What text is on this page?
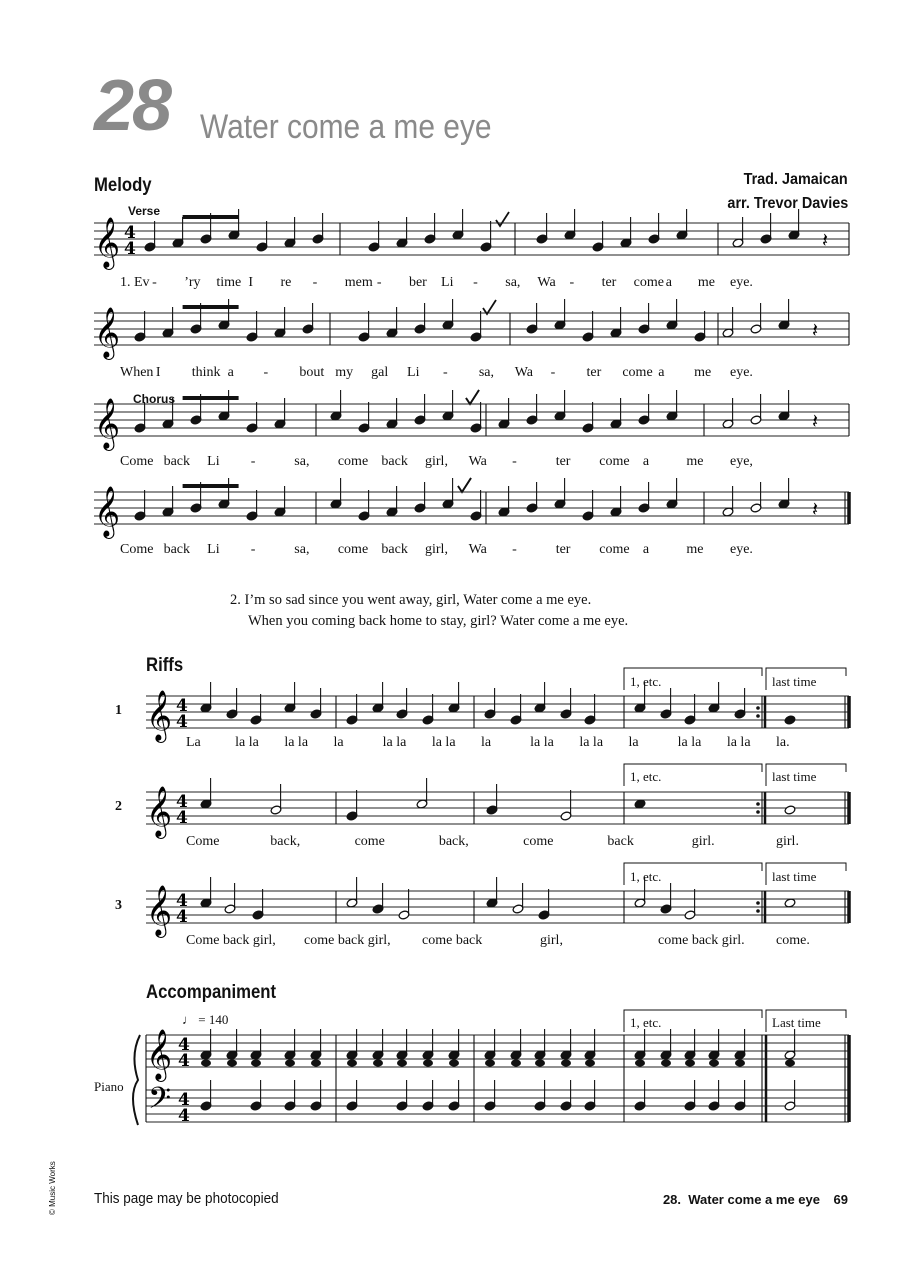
28 Water come a me eye
Melody
Verse
Chorus
Trad. Jamaican
arr. Trevor Davies
𝄞 4
4	𝄽
𝄞	𝄽
𝄞	𝄽
𝄞	𝄽
𝄞 4
4
𝄞 4
4
𝄞 4
4
𝄞
𝄢
4
4
4
4
1. Ev - ’ry time I re - mem - ber Li - sa, Wa - ter come a me eye.
When I think a - bout my gal Li - sa, Wa - ter come a me eye.
Come back Li -	sa, come back girl, Wa -	ter come a	me eye,
Come back Li -	sa, come back girl, Wa -	ter come a	me eye.
2. I’m so sad since you went away, girl, Water come a me eye.
When you coming back home to stay, girl? Water come a me eye.
Riffs
1
2
3
La la la la la la	la la la la la	la la la la la	la la la la la.
Come	back,	come	back,	come	back	girl.	girl.
Come back girl, come back girl, come back	girl,	come back girl. come.
1, etc.	last time
1, etc.	last time
1, etc.	last time
Accompaniment
♩ = 140
Piano
1, etc.	Last time
© Music Works This page may be photocopied	28.  Water come a me eye 69
